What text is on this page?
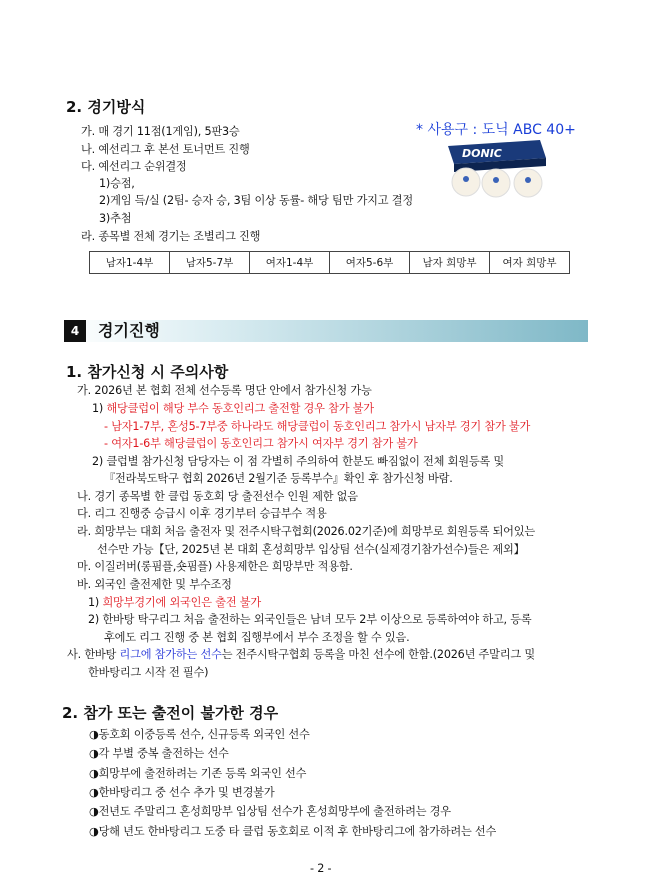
2. 경기방식
* 사용구 : 도닉 ABC 40+
가. 매 경기 11점(1게임), 5판3승
나. 예선리그 후 본선 토너먼트 진행
다. 예선리그 순위결정
1)승점,
2)게임 득/실 (2팀- 승자 승, 3팀 이상 동률- 해당 팀만 가지고 결정
3)추첨
라. 종목별 전체 경기는 조별리그 진행
DONIC
남자1-4부	남자5-7부	여자1-4부	여자5-6부	남자 희망부	여자 희망부
4	경기진행
1. 참가신청 시 주의사항
가. 2026년 본 협회 전체 선수등록 명단 안에서 참가신청 가능
1) 해당클럽이 해당 부수 동호인리그 출전할 경우 참가 불가
- 남자1-7부, 혼성5-7부중 하나라도 해당클럽이 동호인리그 참가시 남자부 경기 참가 불가
- 여자1-6부 해당클럽이 동호인리그 참가시 여자부 경기 참가 불가
2) 클럽별 참가신청 담당자는 이 점 각별히 주의하여 한분도 빠짐없이 전체 회원등록 및
『전라북도탁구 협회 2026년 2월기준 등록부수』확인 후 참가신청 바람.
나. 경기 종목별 한 클럽 동호회 당 출전선수 인원 제한 없음
다. 리그 진행중 승급시 이후 경기부터 승급부수 적용
라. 희망부는 대회 처음 출전자 및 전주시탁구협회(2026.02기준)에 희망부로 회원등록 되어있는
선수만 가능【단, 2025년 본 대회 혼성희망부 입상팀 선수(실제경기참가선수)들은 제외】
마. 이질러버(롱핌플,숏핌플) 사용제한은 희망부만 적용함.
바. 외국인 출전제한 및 부수조정
1) 희망부경기에 외국인은 출전 불가
2) 한바탕 탁구리그 처음 출전하는 외국인들은 남녀 모두 2부 이상으로 등록하여야 하고, 등록
후에도 리그 진행 중 본 협회 집행부에서 부수 조정을 할 수 있음.
사. 한바탕 리그에 참가하는 선수는 전주시탁구협회 등록을 마친 선수에 한함.(2026년 주말리그 및
한바탕리그 시작 전 필수)
2. 참가 또는 출전이 불가한 경우
◑동호회 이중등록 선수, 신규등록 외국인 선수
◑각 부별 중복 출전하는 선수
◑희망부에 출전하려는 기존 등록 외국인 선수
◑한바탕리그 중 선수 추가 및 변경불가
◑전년도 주말리그 혼성희망부 입상팀 선수가 혼성희망부에 출전하려는 경우
◑당해 년도 한바탕리그 도중 타 클럽 동호회로 이적 후 한바탕리그에 참가하려는 선수
- 2 -
